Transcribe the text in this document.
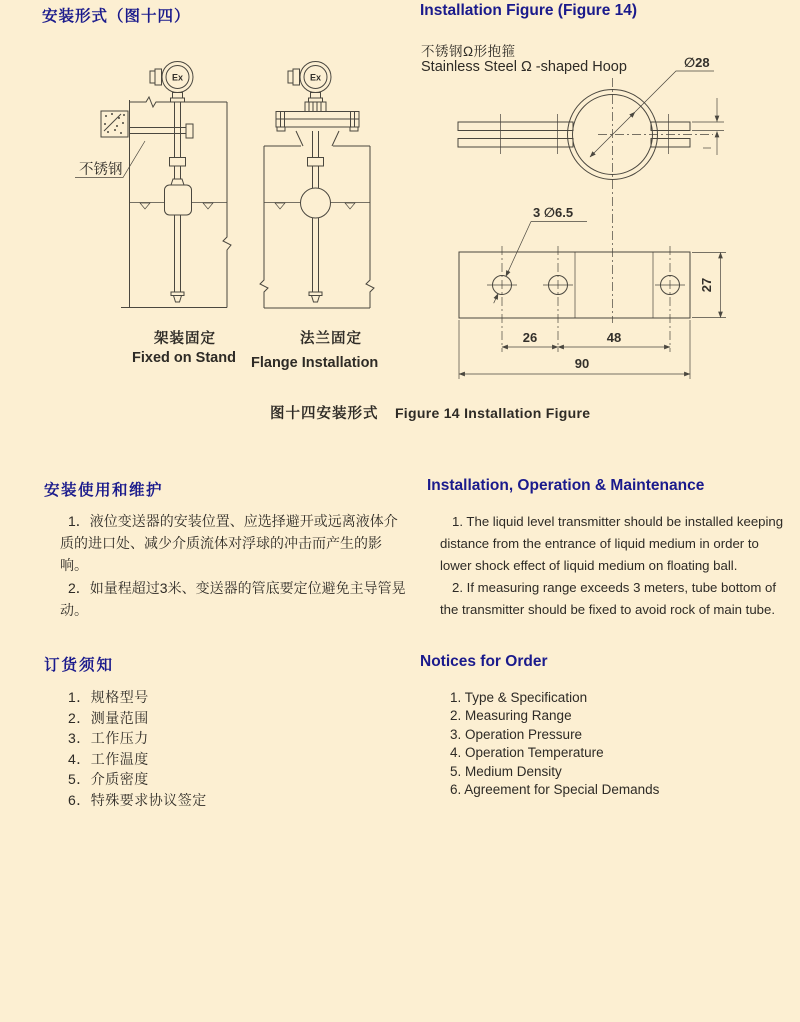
安装形式（图十四）	Installation Figure (Figure 14)
不锈钢Ω形抱箍
Stainless Steel Ω -shaped Hoop
Ex	Ex
不锈钢
架装固定	法兰固定
Fixed on Stand Flange Installation
∅28
3 ∅6.5
26	48
90
27
图十四安装形式 Figure 14 Installation Figure
安装使用和维护
1．液位变送器的安装位置、应选择避开或远离液体介
质的进口处、减少介质流体对浮球的冲击而产生的影
响。
2．如量程超过3米、变送器的管底要定位避免主导管晃
动。
Installation, Operation & Maintenance
1. The liquid level transmitter should be installed keeping
distance from the entrance of liquid medium in order to
lower shock effect of liquid medium on floating ball.
2. If measuring range exceeds 3 meters, tube bottom of
the transmitter should be fixed to avoid rock of main tube.
订货须知
1．规格型号
2．测量范围
3．工作压力
4．工作温度
5．介质密度
6．特殊要求协议签定
Notices for Order
1. Type & Specification
2. Measuring Range
3. Operation Pressure
4. Operation Temperature
5. Medium Density
6. Agreement for Special Demands
